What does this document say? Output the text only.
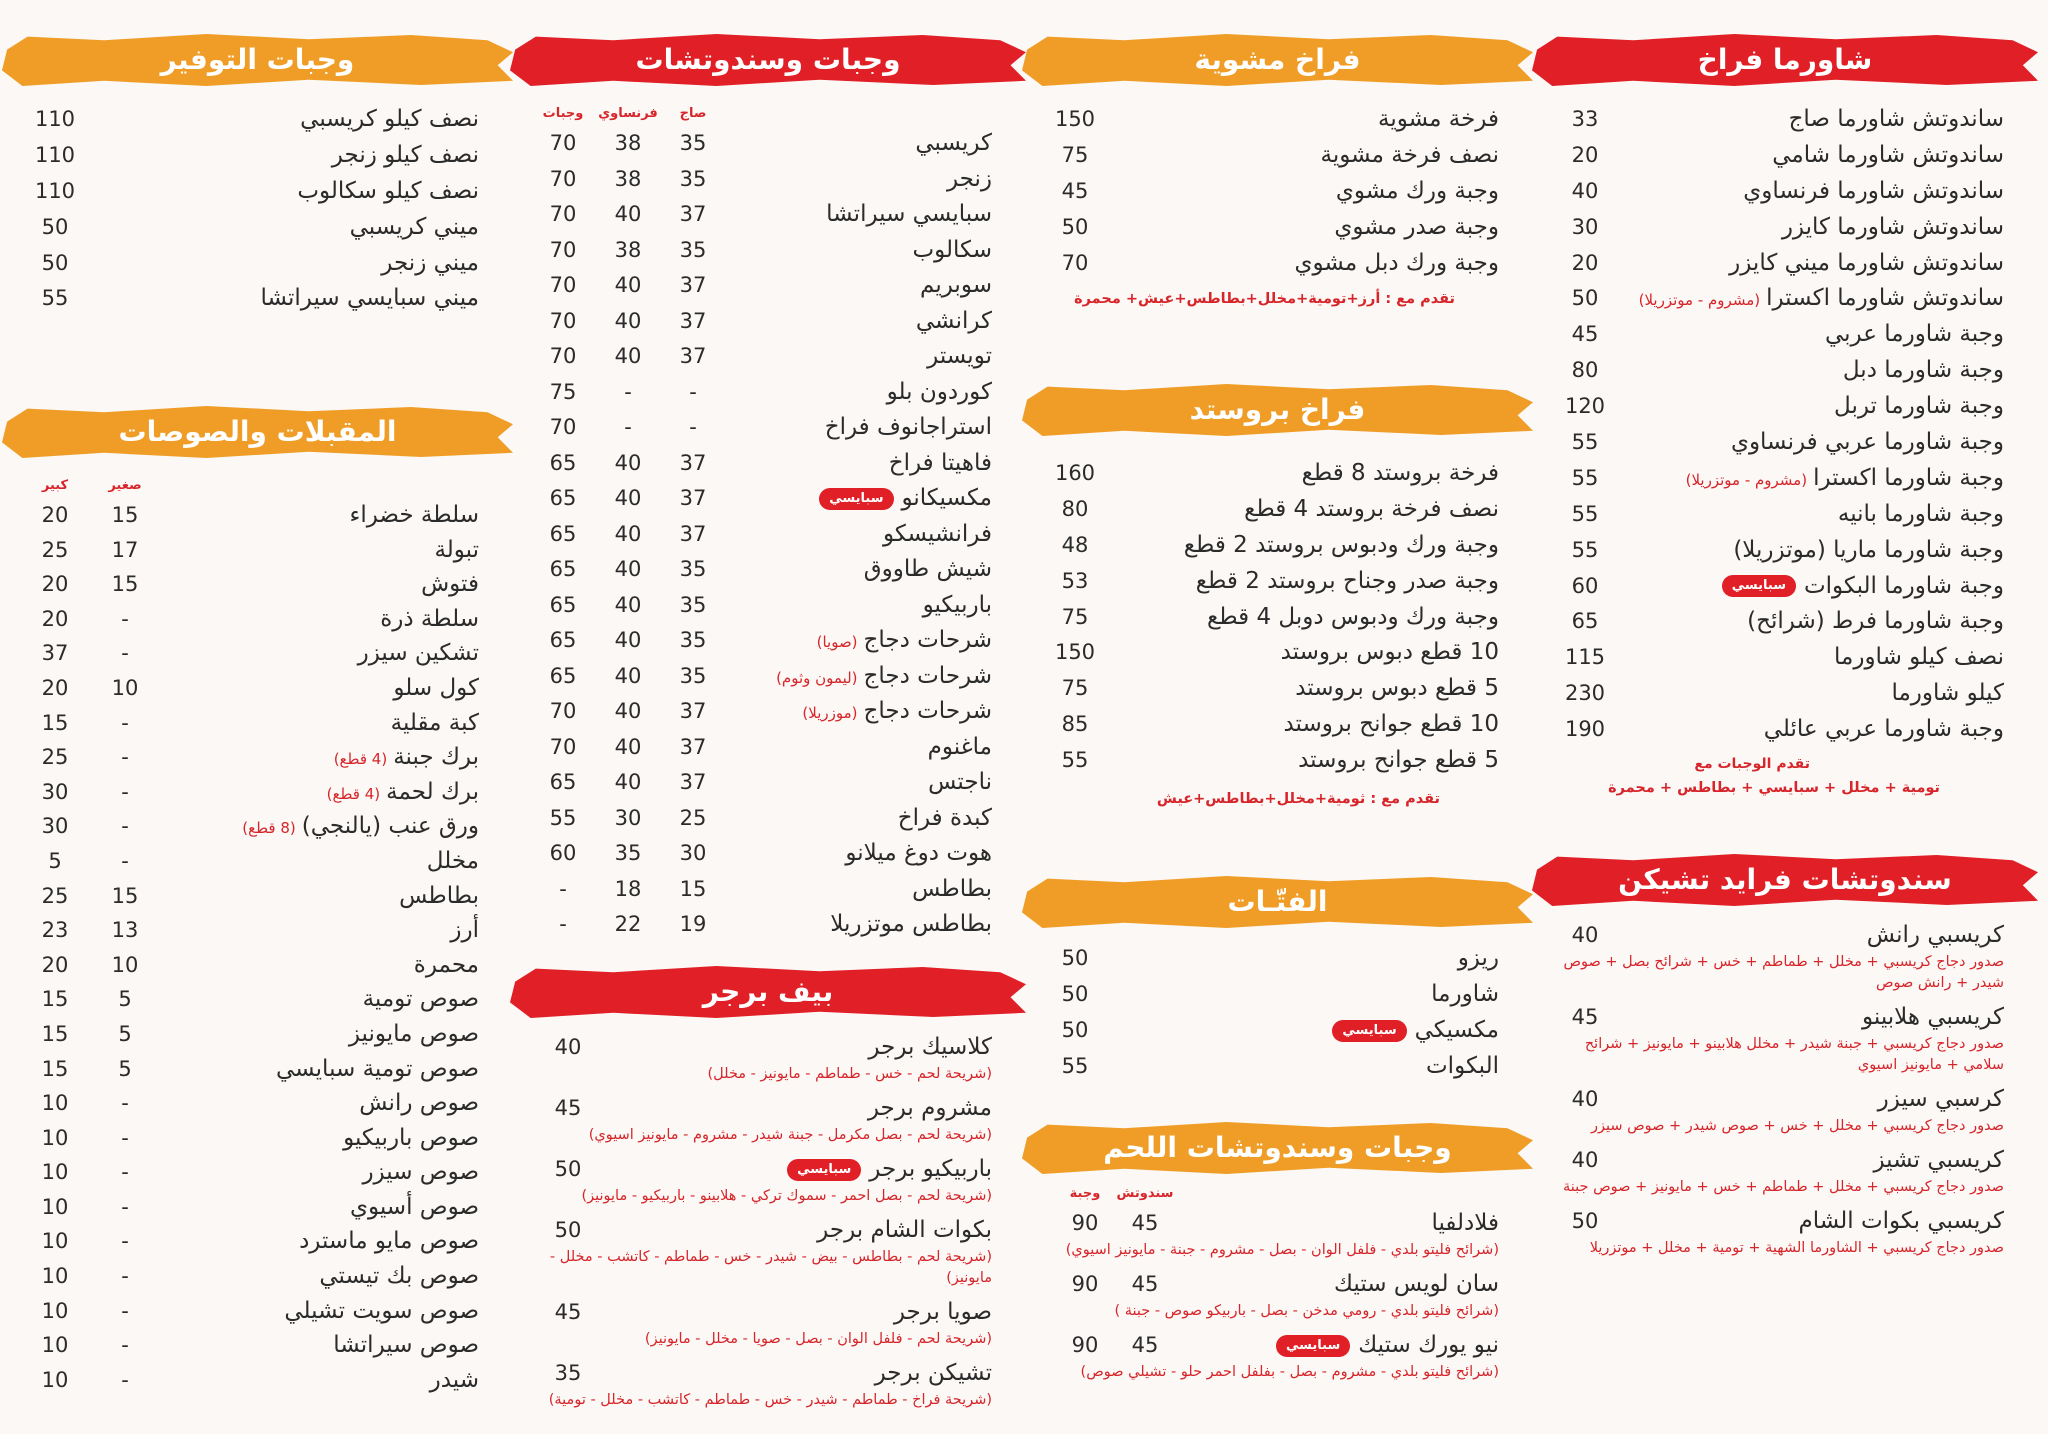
شاورما فراخ
ساندوتش شاورما صاج
33
ساندوتش شاورما شامي
20
ساندوتش شاورما فرنساوي
40
ساندوتش شاورما كايزر
30
ساندوتش شاورما ميني كايزر
20
ساندوتش شاورما اكسترا(مشروم - موتزريلا)
50
وجبة شاورما عربي
45
وجبة شاورما دبل
80
وجبة شاورما تربل
120
وجبة شاورما عربي فرنساوي
55
وجبة شاورما اكسترا(مشروم - موتزريلا)
55
وجبة شاورما بانيه
55
وجبة شاورما ماريا (موتزريلا)
55
وجبة شاورما البكواتسبايسي
60
وجبة شاورما فرط (شرائح)
65
نصف كيلو شاورما
115
كيلو شاورما
230
وجبة شاورما عربي عائلي
190
تقدم الوجبات مع
تومية + مخلل + سبايسي + بطاطس + محمرة
سندوتشات فرايد تشيكن
كريسبي رانش
40
صدور دجاج كريسبي + مخلل + طماطم + خس + شرائح بصل + صوص شيدر + رانش صوص
كريسبي هلابينو
45
صدور دجاج كريسبي + جبنة شيدر + مخلل هلابينو + مايونيز + شرائح سلامي + مايونيز اسيوي
كرسبي سيزر
40
صدور دجاج كريسبي + مخلل + خس + صوص شيدر + صوص سيزر
كريسبي تشيز
40
صدور دجاج كريسبي + مخلل + طماطم + خس + مايونيز + صوص جبنة
كريسبي بكوات الشام
50
صدور دجاج كريسبي + الشاورما الشهية + تومية + مخلل + موتزريلا
فراخ مشوية
فرخة مشوية
150
نصف فرخة مشوية
75
وجبة ورك مشوي
45
وجبة صدر مشوي
50
وجبة ورك دبل مشوي
70
تقدم مع : أرز+تومية+مخلل+بطاطس+عيش+ محمرة
فراخ بروستد
فرخة بروستد 8 قطع
160
نصف فرخة بروستد 4 قطع
80
وجبة ورك ودبوس بروستد 2 قطع
48
وجبة صدر وجناح بروستد 2 قطع
53
وجبة ورك ودبوس دوبل 4 قطع
75
10 قطع دبوس بروستد
150
5 قطع دبوس بروستد
75
10 قطع جوانح بروستد
85
5 قطع جوانح بروستد
55
تقدم مع : ثومية+مخلل+بطاطس+عيش
الفتّـات
ريزو
50
شاورما
50
مكسيكيسبايسي
50
البكوات
55
وجبات وسندوتشات اللحم
وجبة	سندوتش
فلادلفيا
90	45
(شرائح فليتو بلدي - فلفل الوان - بصل - مشروم - جبنة - مايونيز اسيوي)
سان لويس ستيك
90	45
(شرائح فليتو بلدي - رومي مدخن - بصل - باربيكو صوص - جبنة )
نيو يورك ستيكسبايسي
90	45
(شرائح فليتو بلدي - مشروم - بصل - بفلفل احمر حلو - تشيلي صوص)
وجبات وسندوتشات
وجبات	فرنساوي	صاج
كريسبي
70	38	35
زنجر
70	38	35
سبايسي سيراتشا
70	40	37
سكالوب
70	38	35
سوبريم
70	40	37
كرانشي
70	40	37
تويستر
70	40	37
كوردون بلو
75	-	-
استراجانوف فراخ
70	-	-
فاهيتا فراخ
65	40	37
مكسيكانوسبايسي
65	40	37
فرانشيسكو
65	40	37
شيش طاووق
65	40	35
باربيكيو
65	40	35
شرحات دجاج(صويا)
65	40	35
شرحات دجاج(ليمون وثوم)
65	40	35
شرحات دجاج(موزريلا)
70	40	37
ماغنوم
70	40	37
ناجتس
65	40	37
كبدة فراخ
55	30	25
هوت دوغ ميلانو
60	35	30
بطاطس
-	18	15
بطاطس موتزريلا
-	22	19
بيف برجر
كلاسيك برجر
40
(شريحة لحم - خس - طماطم - مايونيز - مخلل)
مشروم برجر
45
(شريحة لحم - بصل مكرمل - جبنة شيدر - مشروم - مايونيز اسيوي)
باربيكيو برجرسبايسي
50
(شريحة لحم - بصل احمر - سموك تركي - هلابينو - باربيكيو - مايونيز)
بكوات الشام برجر
50
(شريحة لحم - بطاطس - بيض - شيدر - خس - طماطم - كاتشب - مخلل - مايونيز)
صويا برجر
45
(شريحة لحم - فلفل الوان - بصل - صويا - مخلل - مايونيز)
تشيكن برجر
35
(شريحة فراخ - طماطم - شيدر - خس - طماطم - كاتشب - مخلل - تومية)
وجبات التوفير
نصف كيلو كريسبي
110
نصف كيلو زنجر
110
نصف كيلو سكالوب
110
ميني كريسبي
50
ميني زنجر
50
ميني سبايسي سيراتشا
55
المقبلات والصوصات
كبير	صغير
سلطة خضراء
20	15
تبولة
25	17
فتوش
20	15
سلطة ذرة
20	-
تشكين سيزر
37	-
كول سلو
20	10
كبة مقلية
15	-
برك جبنة(4 قطع)
25	-
برك لحمة(4 قطع)
30	-
ورق عنب (يالنجي)(8 قطع)
30	-
مخلل
5	-
بطاطس
25	15
أرز
23	13
محمرة
20	10
صوص تومية
15	5
صوص مايونيز
15	5
صوص تومية سبايسي
15	5
صوص رانش
10	-
صوص باربيكيو
10	-
صوص سيزر
10	-
صوص أسيوي
10	-
صوص مايو ماسترد
10	-
صوص بك تيستي
10	-
صوص سويت تشيلي
10	-
صوص سيراتشا
10	-
شيدر
10	-
